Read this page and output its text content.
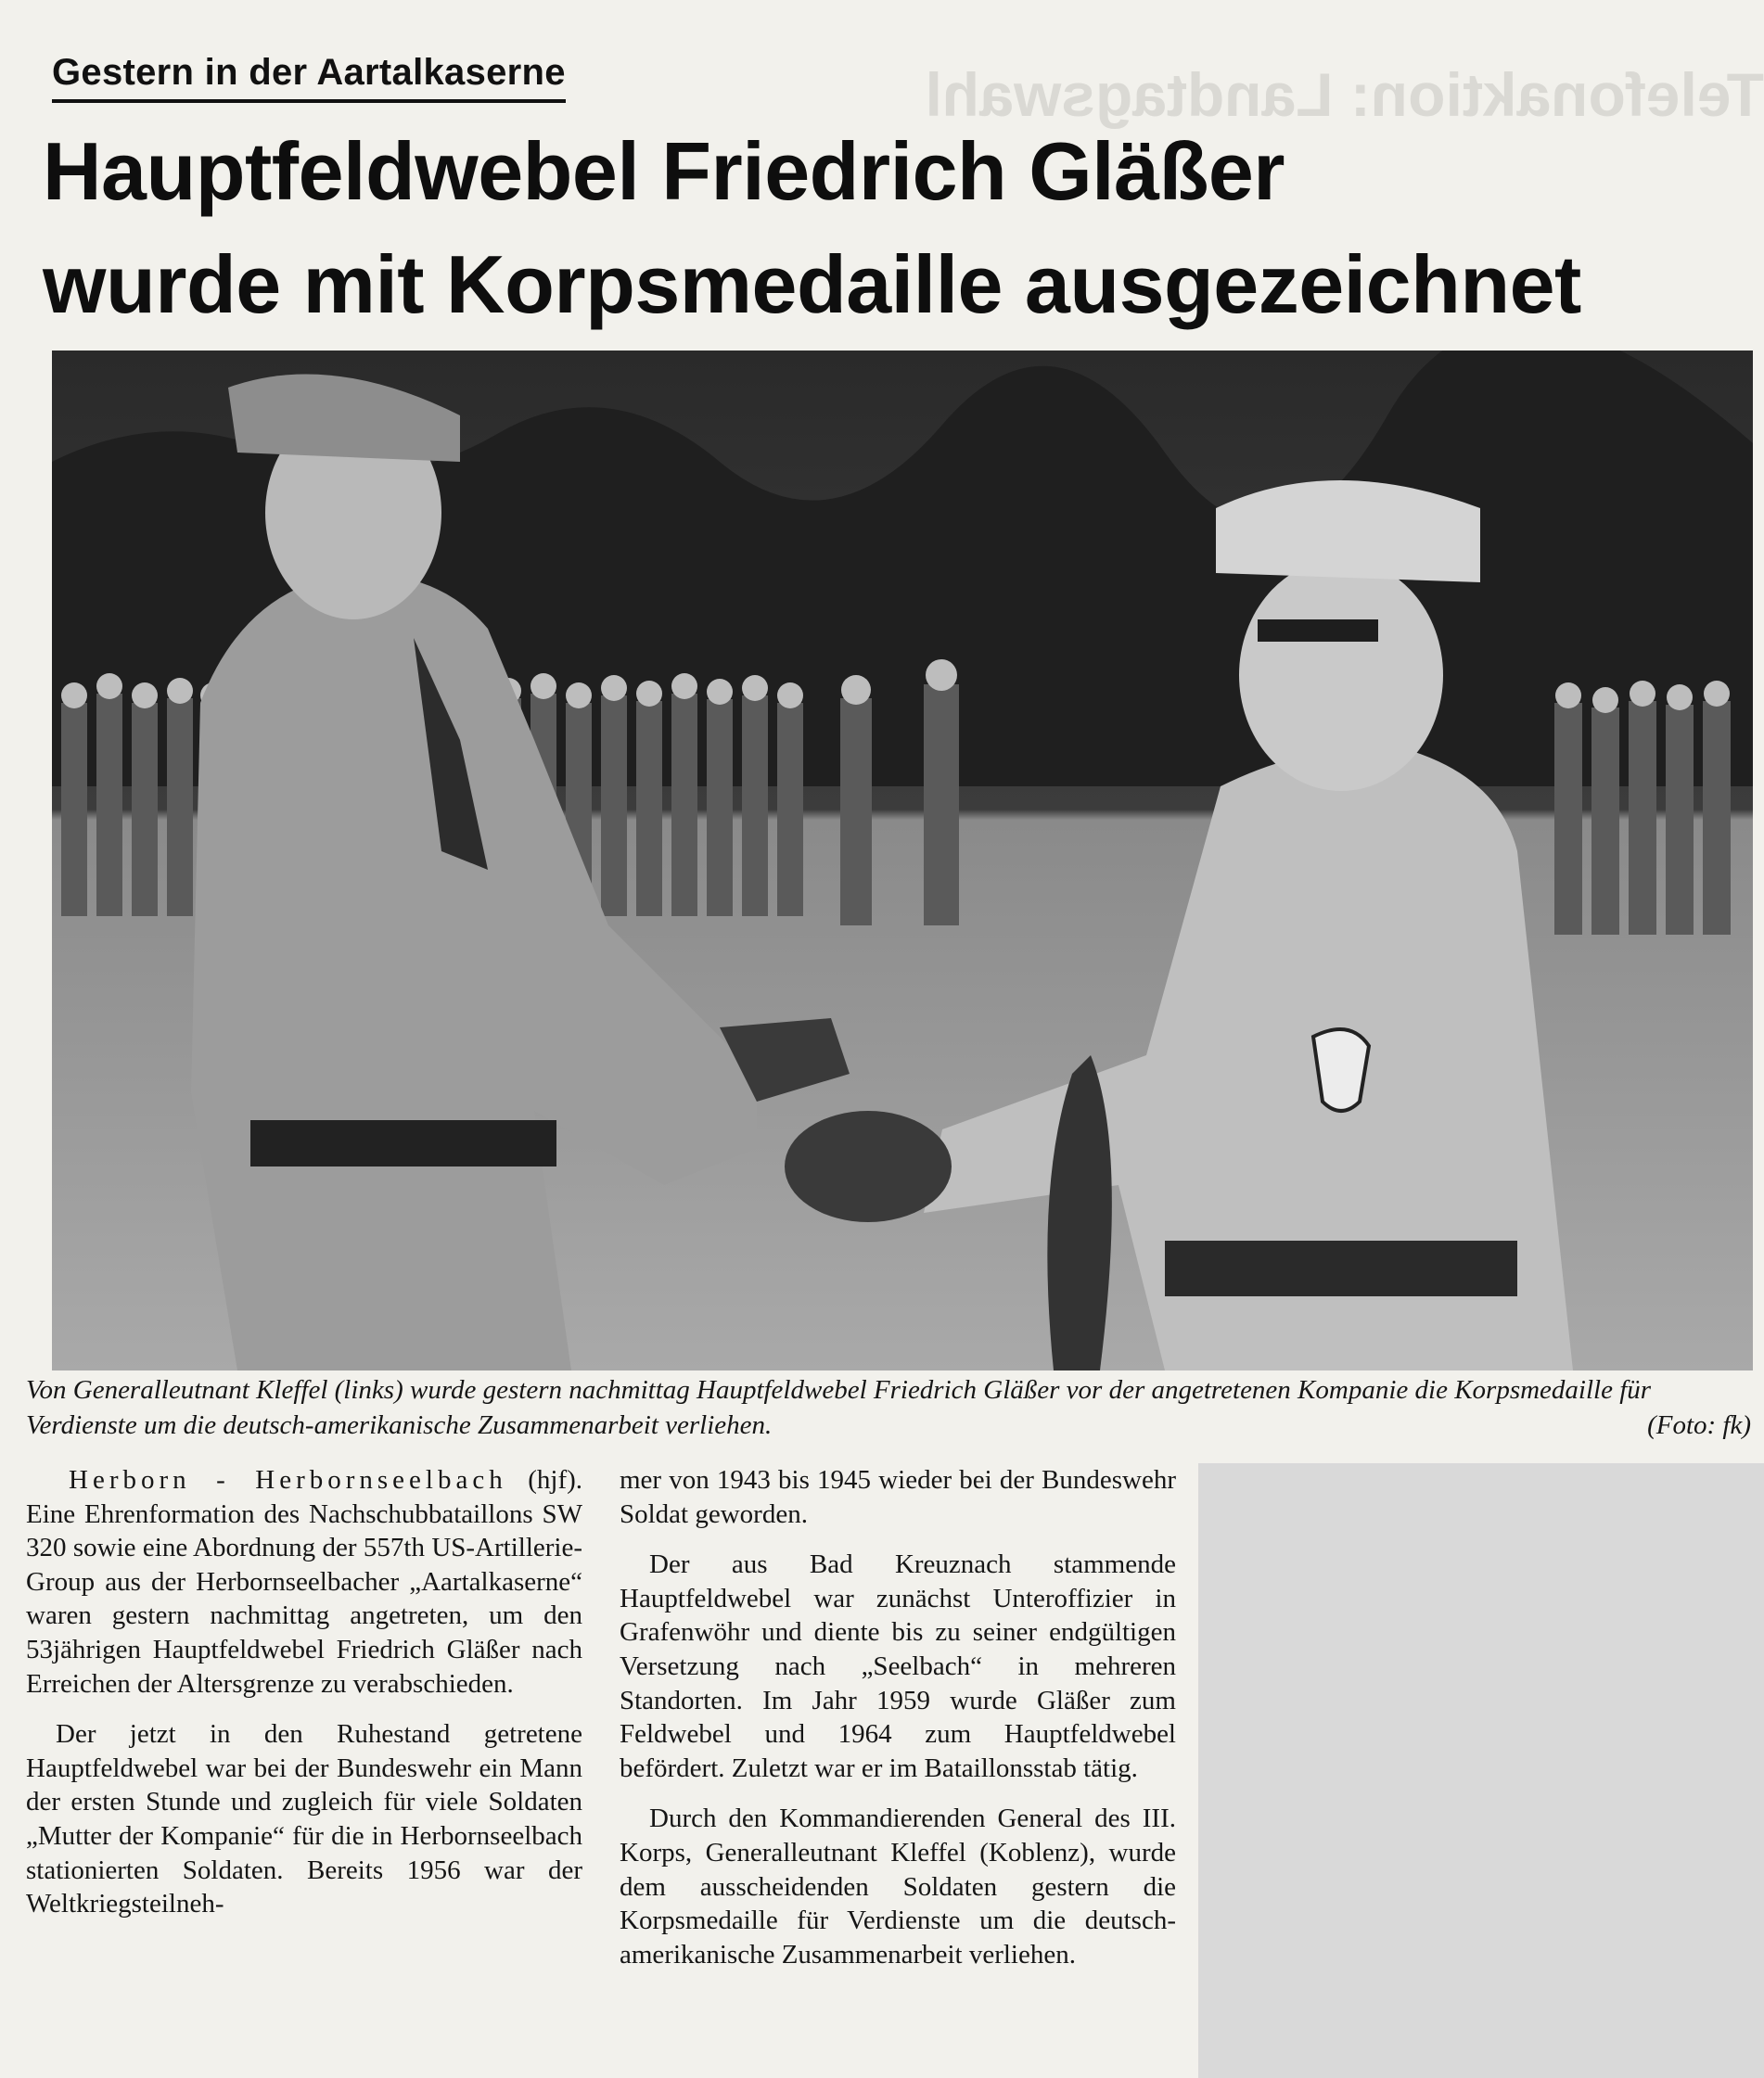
Telefonaktion: Landtagswahl
Gestern in der Aartalkaserne
Hauptfeldwebel Friedrich Gläßer
wurde mit Korpsmedaille ausgezeichnet
Von Generalleutnant Kleffel (links) wurde gestern nachmittag Hauptfeldwebel Friedrich Gläßer vor der angetretenen Kompanie die Korpsmedaille für Verdienste um die deutsch-amerikanische Zusammenarbeit verliehen.	(Foto: fk)

Herborn - Herbornseelbach (hjf). Eine Ehrenformation des Nachschubbataillons SW 320 sowie eine Abordnung der 557th US-Artillerie-Group aus der Herbornseelbacher „Aartalkaserne“ waren gestern nachmittag angetreten, um den 53jährigen Hauptfeldwebel Friedrich Gläßer nach Erreichen der Altersgrenze zu verabschieden.

Der jetzt in den Ruhestand getretene Hauptfeldwebel war bei der Bundeswehr ein Mann der ersten Stunde und zugleich für viele Soldaten „Mutter der Kompanie“ für die in Herbornseelbach stationierten Soldaten. Bereits 1956 war der Weltkriegsteilneh-

mer von 1943 bis 1945 wieder bei der Bundeswehr Soldat geworden.

Der aus Bad Kreuznach stammende Hauptfeldwebel war zunächst Unteroffizier in Grafenwöhr und diente bis zu seiner endgültigen Versetzung nach „Seelbach“ in mehreren Standorten. Im Jahr 1959 wurde Gläßer zum Feldwebel und 1964 zum Hauptfeldwebel befördert. Zuletzt war er im Bataillonsstab tätig.

Durch den Kommandierenden General des III. Korps, Generalleutnant Kleffel (Koblenz), wurde dem ausscheidenden Soldaten gestern die Korpsmedaille für Verdienste um die deutsch-amerikanische Zusammenarbeit verliehen.
